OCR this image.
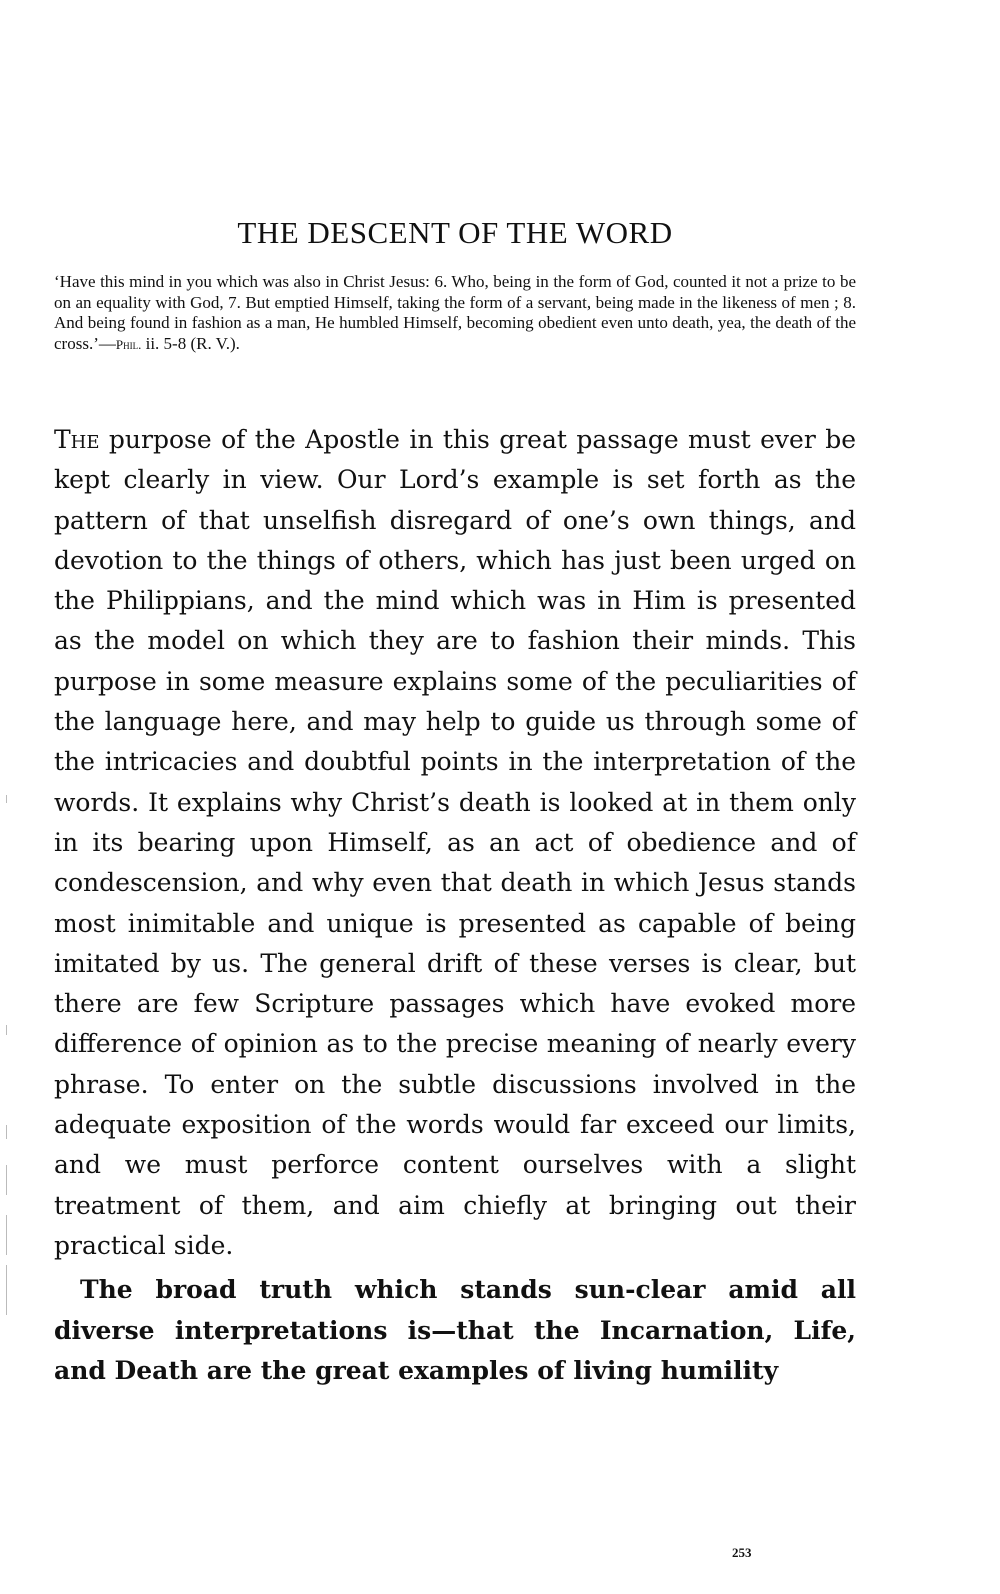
THE DESCENT OF THE WORD

‘Have this mind in you which was also in Christ Jesus: 6. Who, being in the form of God, counted it not a prize to be on an equality with God, 7. But emptied Himself, taking the form of a servant, being made in the likeness of men ; 8. And being found in fashion as a man, He humbled Himself, becoming obedient even unto death, yea, the death of the cross.’—Phil. ii. 5-8 (R. V.).

The purpose of the Apostle in this great passage must ever be kept clearly in view. Our Lord’s example is set forth as the pattern of that unselfish disregard of one’s own things, and devotion to the things of others, which has just been urged on the Philippians, and the mind which was in Him is presented as the model on which they are to fashion their minds. This purpose in some measure explains some of the peculiarities of the language here, and may help to guide us through some of the intricacies and doubtful points in the interpretation of the words. It explains why Christ’s death is looked at in them only in its bearing upon Himself, as an act of obedience and of condescension, and why even that death in which Jesus stands most inimitable and unique is presented as capable of being imitated by us. The general drift of these verses is clear, but there are few Scripture passages which have evoked more difference of opinion as to the precise meaning of nearly every phrase. To enter on the subtle discussions involved in the adequate exposition of the words would far exceed our limits, and we must perforce content ourselves with a slight treatment of them, and aim chiefly at bringing out their practical side.

The broad truth which stands sun-clear amid all diverse interpretations is—that the Incarnation, Life, and Death are the great examples of living humility

253
